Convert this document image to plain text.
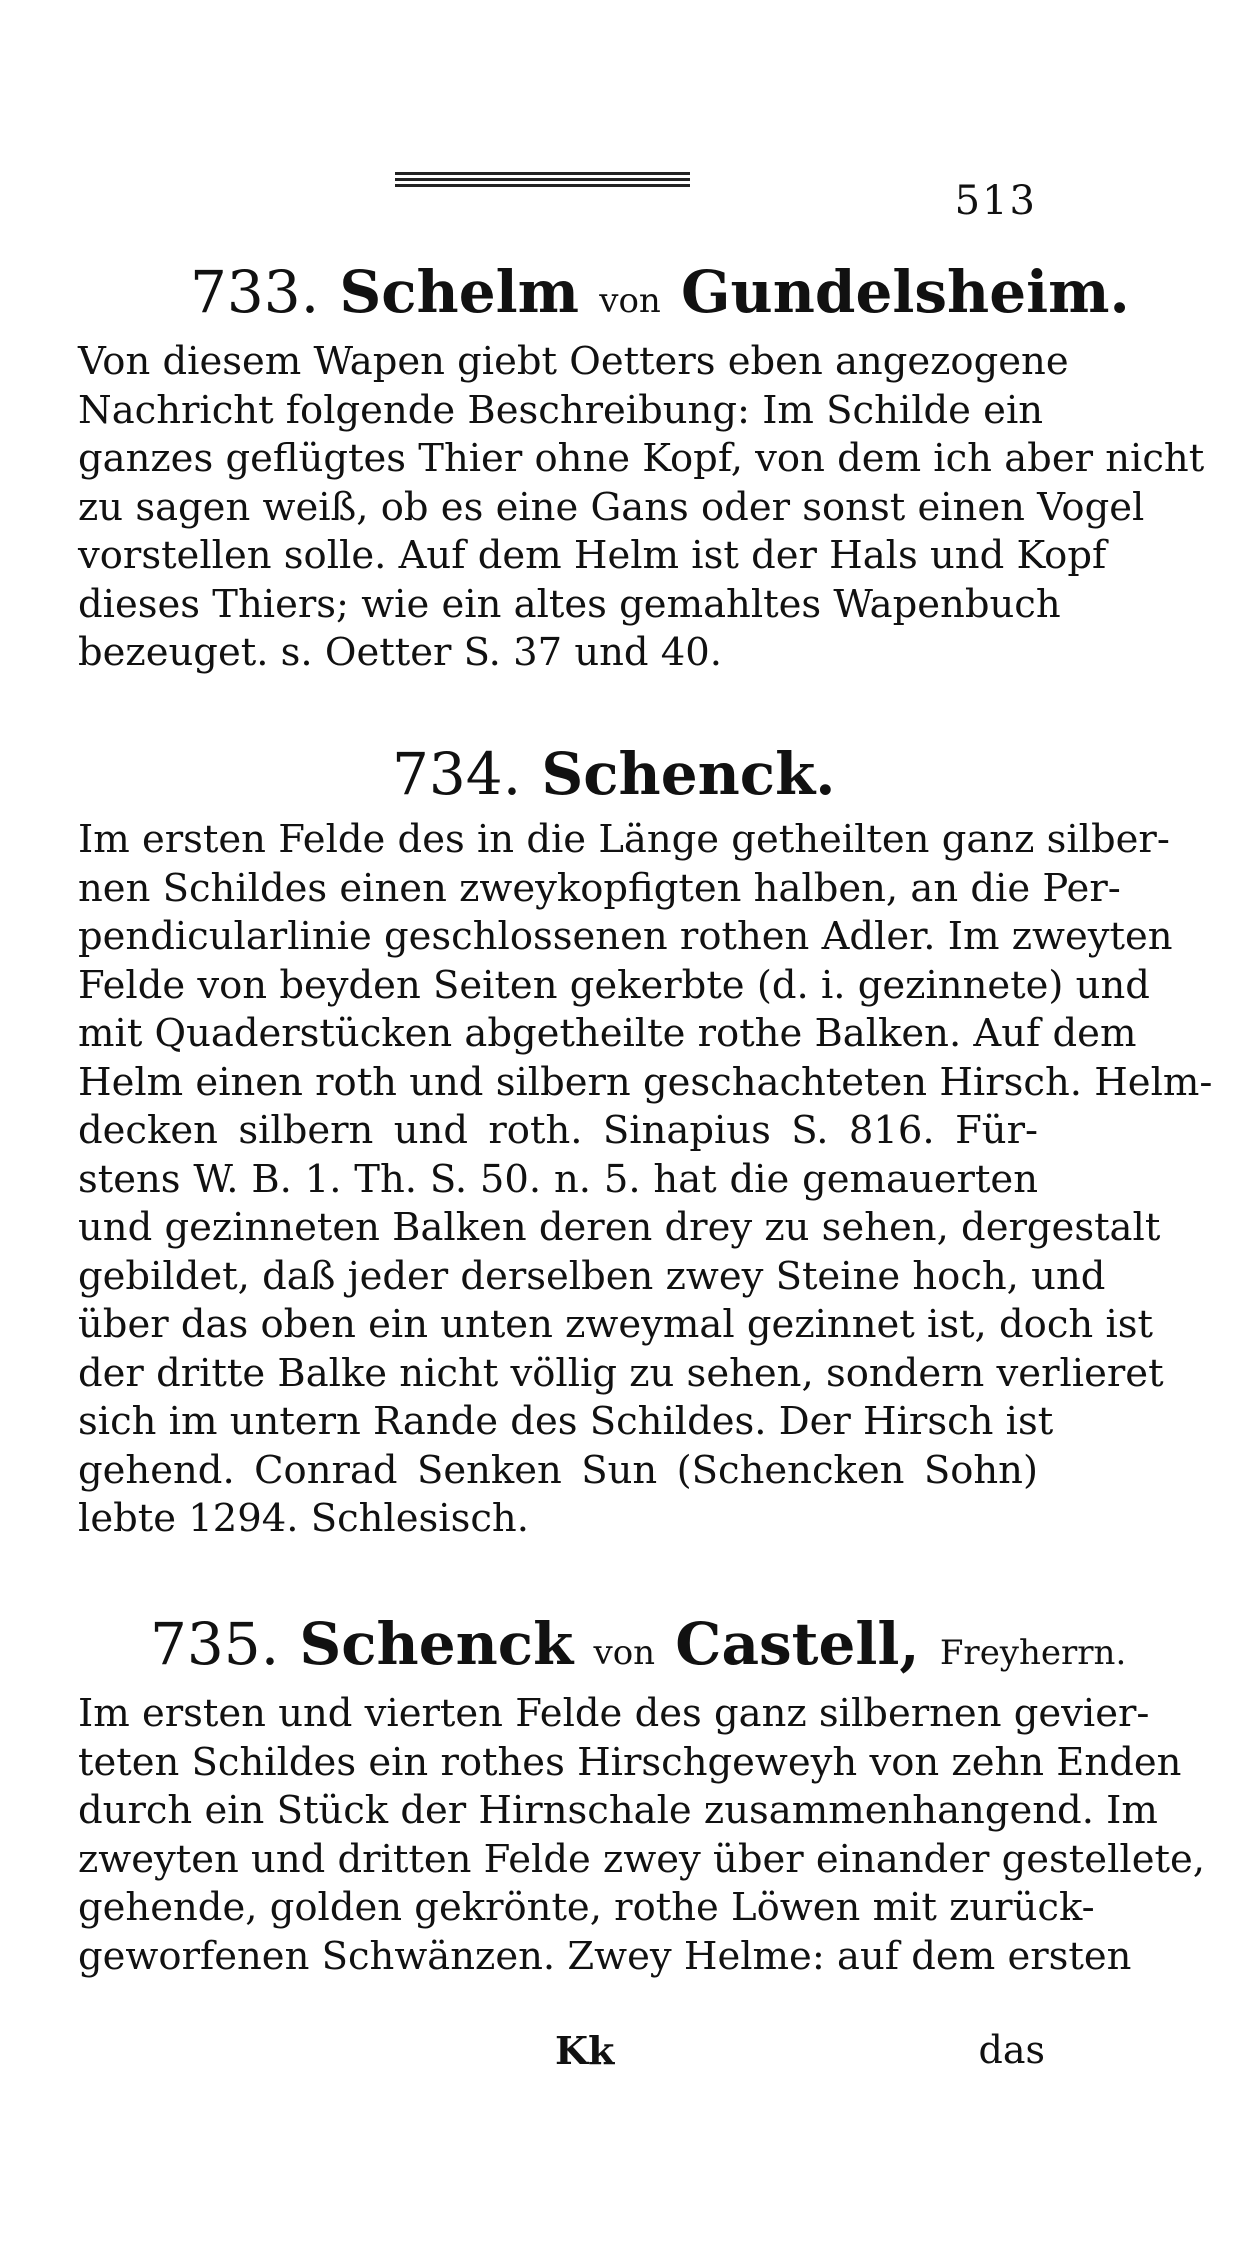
513
733. Schelm von Gundelsheim.
Von diesem Wapen giebt Oetters eben angezogene
Nachricht folgende Beschreibung: Im Schilde ein
ganzes geflügtes Thier ohne Kopf, von dem ich aber nicht
zu sagen weiß, ob es eine Gans oder sonst einen Vogel
vorstellen solle. Auf dem Helm ist der Hals und Kopf
dieses Thiers; wie ein altes gemahltes Wapenbuch
bezeuget. s. Oetter S. 37 und 40.
734. Schenck.
Im ersten Felde des in die Länge getheilten ganz silber-
nen Schildes einen zweykopfigten halben, an die Per-
pendicularlinie geschlossenen rothen Adler. Im zweyten
Felde von beyden Seiten gekerbte (d. i. gezinnete) und
mit Quaderstücken abgetheilte rothe Balken. Auf dem
Helm einen roth und silbern geschachteten Hirsch. Helm-
decken silbern und roth. Sinapius S. 816. Für-
stens W. B. 1. Th. S. 50. n. 5. hat die gemauerten
und gezinneten Balken deren drey zu sehen, dergestalt
gebildet, daß jeder derselben zwey Steine hoch, und
über das oben ein unten zweymal gezinnet ist, doch ist
der dritte Balke nicht völlig zu sehen, sondern verlieret
sich im untern Rande des Schildes. Der Hirsch ist
gehend. Conrad Senken Sun (Schencken Sohn)
lebte 1294. Schlesisch.
735. Schenck von Castell, Freyherrn.
Im ersten und vierten Felde des ganz silbernen gevier-
teten Schildes ein rothes Hirschgeweyh von zehn Enden
durch ein Stück der Hirnschale zusammenhangend. Im
zweyten und dritten Felde zwey über einander gestellete,
gehende, golden gekrönte, rothe Löwen mit zurück-
geworfenen Schwänzen. Zwey Helme: auf dem ersten
Kk	das
